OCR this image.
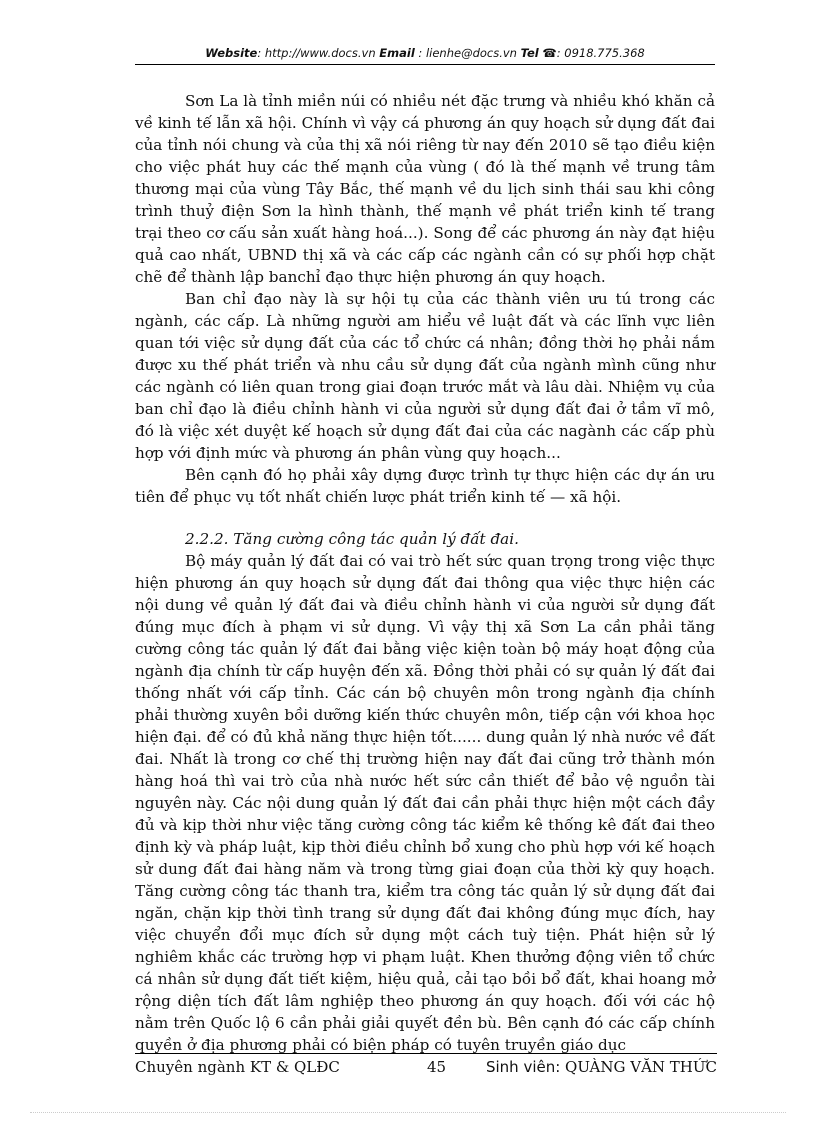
Website: http://www.docs.vn Email : lienhe@docs.vn Tel ☎: 0918.775.368

Sơn La là tỉnh miền núi có nhiều nét đặc trưng và nhiều khó khăn cả về kinh tế lẫn xã hội. Chính vì vậy cá phương án quy hoạch sử dụng đất đai của tỉnh nói chung và của thị xã nói riêng từ nay đến 2010 sẽ tạo điều kiện cho việc phát huy các thế mạnh của vùng ( đó là thế mạnh về trung tâm thương mại của vùng Tây Bắc, thế mạnh về du lịch sinh thái sau khi công trình thuỷ điện Sơn la hình thành, thế mạnh về phát triển kinh tế trang trại theo cơ cấu sản xuất hàng hoá...). Song để các phương án này đạt hiệu quả cao nhất, UBND thị xã và các cấp các ngành cần có sự phối hợp chặt chẽ để thành lập banchỉ đạo thực hiện phương án quy hoạch.

Ban chỉ đạo này là sự hội tụ của các thành viên ưu tú trong các ngành, các cấp. Là những người am hiểu về luật đất và các lĩnh vực liên quan tới việc sử dụng đất của các tổ chức cá nhân; đồng thời họ phải nắm được xu thế phát triển và nhu cầu sử dụng đất của ngành mình cũng như các ngành có liên quan trong giai đoạn trước mắt và lâu dài. Nhiệm vụ của ban chỉ đạo là điều chỉnh hành vi của người sử dụng đất đai ở tầm vĩ mô, đó là việc xét duyệt kế hoạch sử dụng đất đai của các nagành các cấp phù hợp với định mức và phương án phân vùng quy hoạch...

Bên cạnh đó họ phải xây dựng được trình tự thực hiện các dự án ưu tiên để phục vụ tốt nhất chiến lược phát triển kinh tế — xã hội.

2.2.2. Tăng cường công tác quản lý đất đai.

Bộ máy quản lý đất đai có vai trò hết sức quan trọng trong việc thực hiện phương án quy hoạch sử dụng đất đai thông qua việc thực hiện các nội dung về quản lý đất đai và điều chỉnh hành vi của người sử dụng đất đúng mục đích à phạm vi sử dụng. Vì vậy thị xã Sơn La cần phải tăng cường công tác quản lý đất đai bằng việc kiện toàn bộ máy hoạt động của ngành địa chính từ cấp huyện đến xã. Đồng thời phải có sự quản lý đất đai thống nhất với cấp tỉnh. Các cán bộ chuyên môn trong ngành địa chính phải thường xuyên bồi dưỡng kiến thức chuyên môn, tiếp cận với khoa học hiện đại. để có đủ khả năng thực hiện tốt...... dung quản lý nhà nước về đất đai. Nhất là trong cơ chế thị trường hiện nay đất đai cũng trở thành món hàng hoá thì vai trò của nhà nước hết sức cần thiết để bảo vệ nguồn tài nguyên này. Các nội dung quản lý đất đai cần phải thực hiện một cách đầy đủ và kịp thời như việc tăng cường công tác kiểm kê thống kê đất đai theo định kỳ và pháp luật, kịp thời điều chỉnh bổ xung cho phù hợp với kế hoạch sử dung đất đai hàng năm và trong từng giai đoạn của thời kỳ quy hoạch. Tăng cường công tác thanh tra, kiểm tra công tác quản lý sử dụng đất đai ngăn, chặn kịp thời tình trang sử dụng đất đai không đúng mục đích, hay việc chuyển đổi mục đích sử dụng một cách tuỳ tiện. Phát hiện sử lý nghiêm khắc các trường hợp vi phạm luật. Khen thưởng động viên tổ chức cá nhân sử dụng đất tiết kiệm, hiệu quả, cải tạo bồi bổ đất, khai hoang mở rộng diện tích đất lâm nghiệp theo phương án quy hoạch. đối với các hộ nằm trên Quốc lộ 6 cần phải giải quyết đền bù. Bên cạnh đó các cấp chính quyền ở địa phương phải có biện pháp có tuyên truyền giáo dục

Chuyên ngành KT & QLĐC	45	Sinh viên: QUÀNG VĂN THỨC
